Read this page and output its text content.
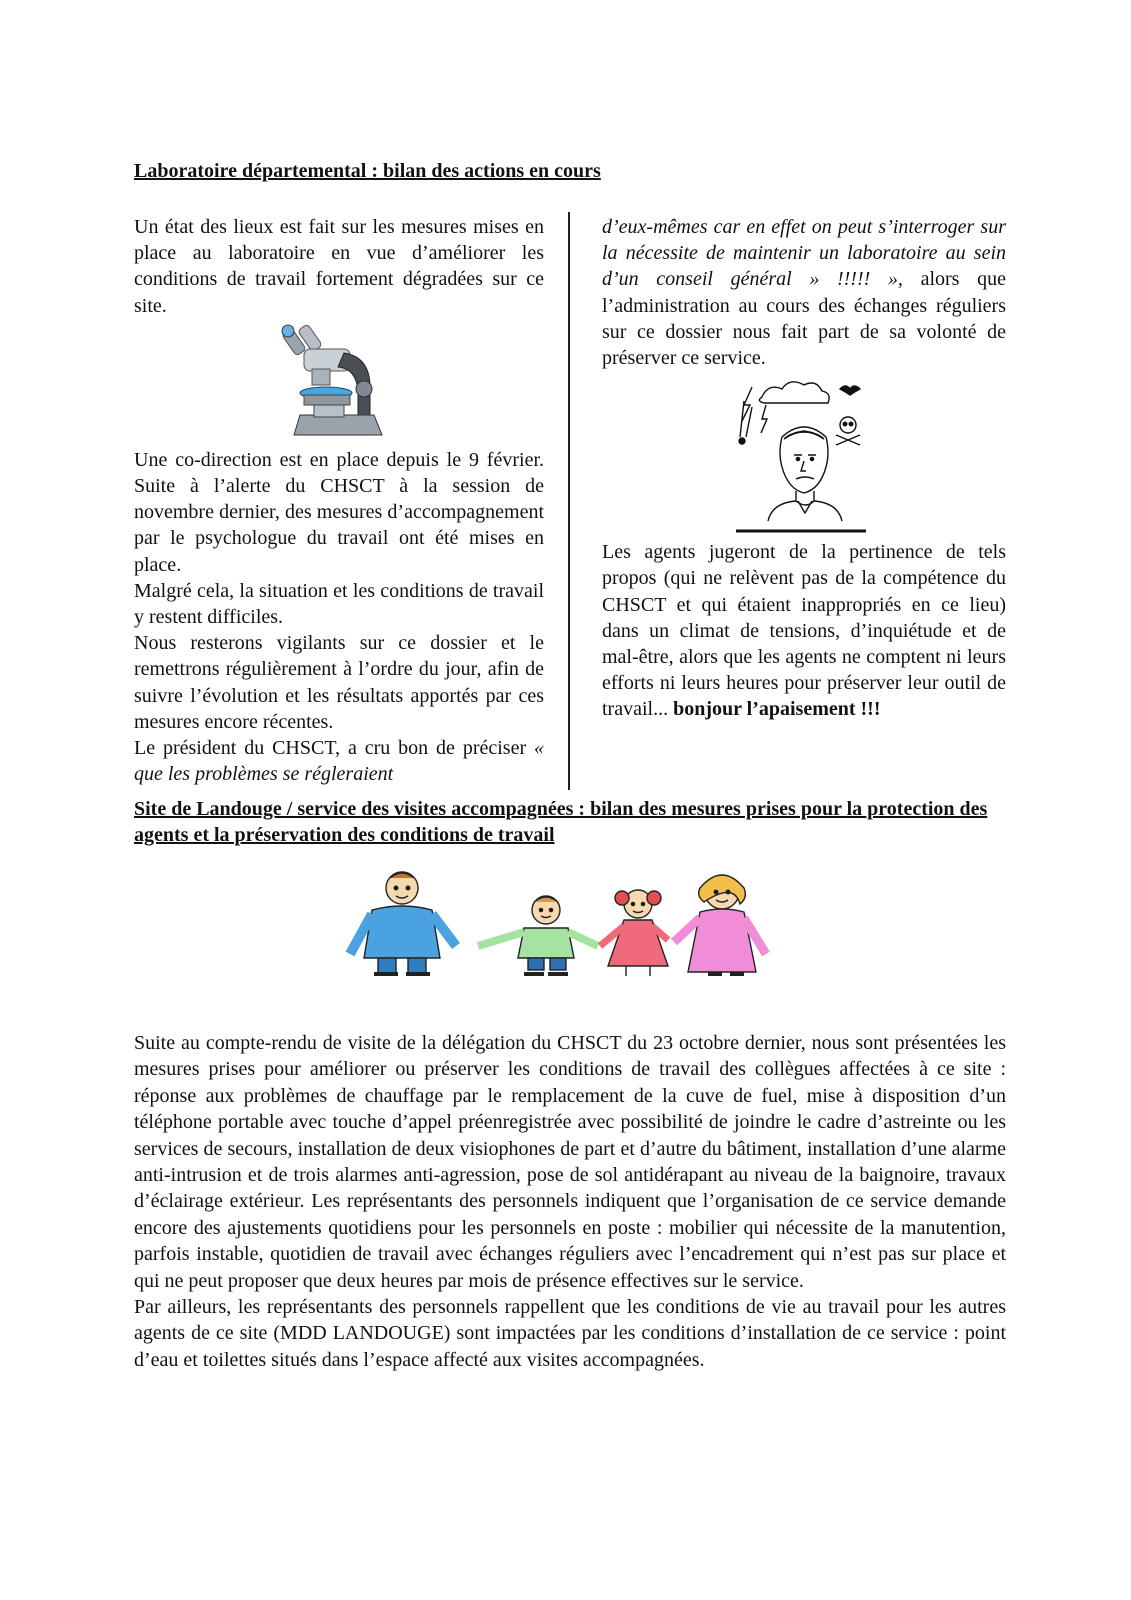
Laboratoire départemental : bilan des actions en cours

Un état des lieux est fait sur les mesures mises en place au laboratoire en vue d’améliorer les conditions de travail fortement dégradées sur ce site.

Une co-direction est en place depuis le 9 février. Suite à l’alerte du CHSCT à la session de novembre dernier, des mesures d’accompagnement par le psychologue du travail ont été mises en place.

Malgré cela, la situation et les conditions de travail y restent difficiles.

Nous resterons vigilants sur ce dossier et le remettrons régulièrement à l’ordre du jour, afin de suivre l’évolution et les résultats apportés par ces mesures encore récentes.

Le président du CHSCT, a cru bon de préciser « que les problèmes se régleraient

d’eux-mêmes car en effet on peut s’interroger sur la nécessite de maintenir un laboratoire au sein d’un conseil général » !!!!! », alors que l’administration au cours des échanges réguliers sur ce dossier nous fait part de sa volonté de préserver ce service.

Les agents jugeront de la pertinence de tels propos (qui ne relèvent pas de la compétence du CHSCT et qui étaient inappropriés en ce lieu) dans un climat de tensions, d’inquiétude et de mal-être, alors que les agents ne comptent ni leurs efforts ni leurs heures pour préserver leur outil de travail... bonjour l’apaisement !!!

Site de Landouge / service des visites accompagnées : bilan des mesures prises pour la protection des agents et la préservation des conditions de travail

Suite au compte-rendu de visite de la délégation du CHSCT du 23 octobre dernier, nous sont présentées les mesures prises pour améliorer ou préserver les conditions de travail des collègues affectées à ce site : réponse aux problèmes de chauffage par le remplacement de la cuve de fuel, mise à disposition d’un téléphone portable avec touche d’appel préenregistrée avec possibilité de joindre le cadre d’astreinte ou les services de secours, installation de deux visiophones de part et d’autre du bâtiment, installation d’une alarme anti-intrusion et de trois alarmes anti-agression, pose de sol antidérapant au niveau de la baignoire, travaux d’éclairage extérieur. Les représentants des personnels indiquent que l’organisation de ce service demande encore des ajustements quotidiens pour les personnels en poste : mobilier qui nécessite de la manutention, parfois instable, quotidien de travail avec échanges réguliers avec l’encadrement qui n’est pas sur place et qui ne peut proposer que deux heures par mois de présence effectives sur le service.

Par ailleurs, les représentants des personnels rappellent que les conditions de vie au travail pour les autres agents de ce site (MDD LANDOUGE) sont impactées par les conditions d’installation de ce service : point d’eau et toilettes situés dans l’espace affecté aux visites accompagnées.
